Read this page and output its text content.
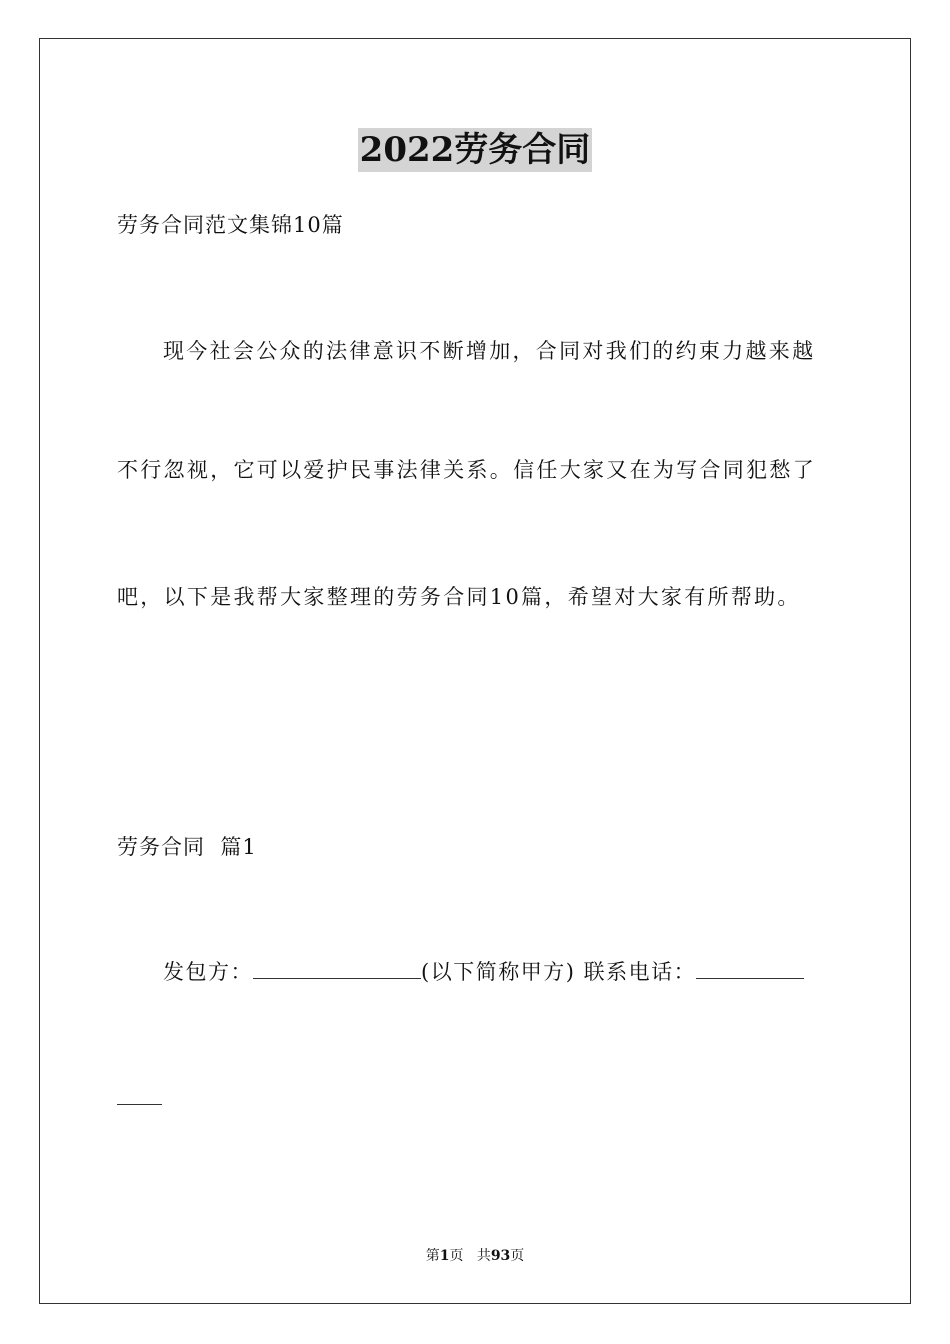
2022劳务合同
劳务合同范文集锦10篇
现今社会公众的法律意识不断增加，合同对我们的约束力越来越
不行忽视，它可以爱护民事法律关系。信任大家又在为写合同犯愁了
吧，以下是我帮大家整理的劳务合同10篇，希望对大家有所帮助。
劳务合同  篇1
发包方：	(以下简称甲方) 联系电话：
第1页 共93页
